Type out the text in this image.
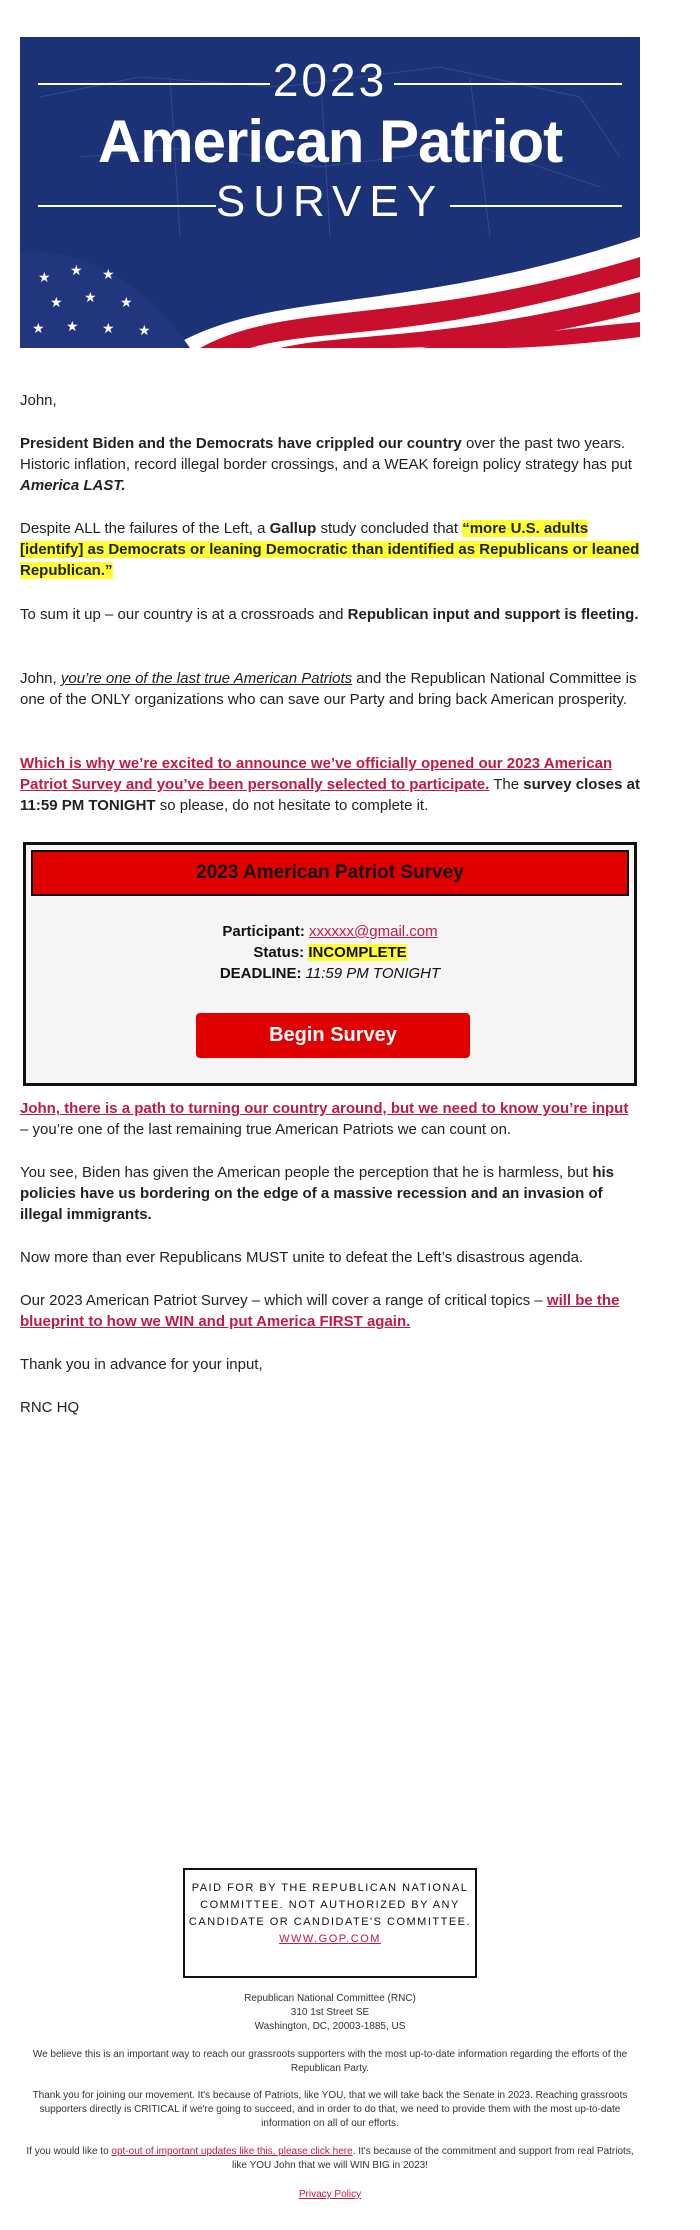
★ ★ ★
★ ★ ★
★ ★ ★ ★
2023
American Patriot
SURVEY

John,

President Biden and the Democrats have crippled our country over the past two years. Historic inflation, record illegal border crossings, and a WEAK foreign policy strategy has put America LAST.

Despite ALL the failures of the Left, a Gallup study concluded that “more U.S. adults [identify] as Democrats or leaning Democratic than identified as Republicans or leaned Republican.”

To sum it up – our country is at a crossroads and Republican input and support is fleeting.

John, you’re one of the last true American Patriots and the Republican National Committee is one of the ONLY organizations who can save our Party and bring back American prosperity.

Which is why we’re excited to announce we’ve officially opened our 2023 American Patriot Survey and you’ve been personally selected to participate. The survey closes at 11:59 PM TONIGHT so please, do not hesitate to complete it.

2023 American Patriot Survey
Participant: xxxxxx@gmail.com
Status: INCOMPLETE
DEADLINE: 11:59 PM TONIGHT
Begin Survey

John, there is a path to turning our country around, but we need to know you’re input – you’re one of the last remaining true American Patriots we can count on.

You see, Biden has given the American people the perception that he is harmless, but his policies have us bordering on the edge of a massive recession and an invasion of illegal immigrants.

Now more than ever Republicans MUST unite to defeat the Left’s disastrous agenda.

Our 2023 American Patriot Survey – which will cover a range of critical topics – will be the blueprint to how we WIN and put America FIRST again.

Thank you in advance for your input,

RNC HQ

PAID FOR BY THE REPUBLICAN NATIONAL COMMITTEE. NOT AUTHORIZED BY ANY CANDIDATE OR CANDIDATE'S COMMITTEE.
WWW.GOP.COM

Republican National Committee (RNC)

310 1st Street SE

Washington, DC, 20003-1885, US

We believe this is an important way to reach our grassroots supporters with the most up-to-date information regarding the efforts of the Republican Party.

Thank you for joining our movement. It's because of Patriots, like YOU, that we will take back the Senate in 2023. Reaching grassroots supporters directly is CRITICAL if we're going to succeed, and in order to do that, we need to provide them with the most up-to-date information on all of our efforts.

If you would like to opt-out of important updates like this, please click here. It's because of the commitment and support from real Patriots, like YOU John that we will WIN BIG in 2023!

Privacy Policy
